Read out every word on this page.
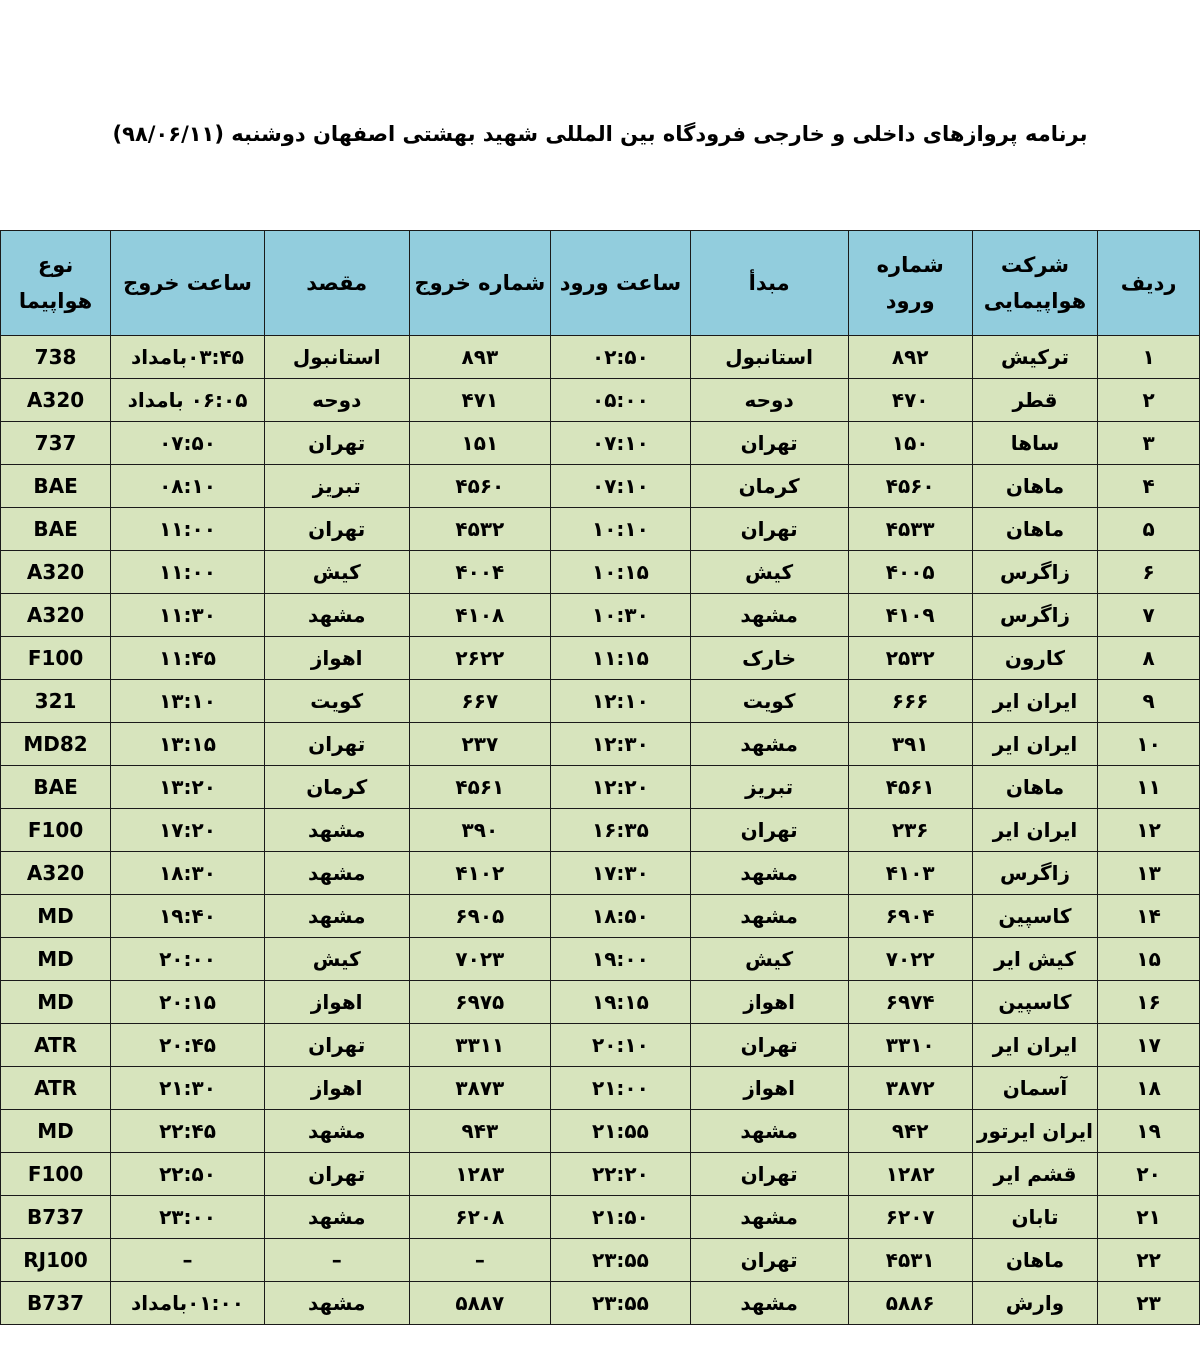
برنامه پروازهای داخلی و خارجی فرودگاه بین المللی شهید بهشتی اصفهان دوشنبه (۹۸/۰۶/۱۱)
ردیف	شرکت هواپیمایی	شماره ورود	مبدأ	ساعت ورود	شماره خروج	مقصد	ساعت خروج	نوع هواپیما
۱	ترکیش	۸۹۲	استانبول	۰۲:۵۰	۸۹۳	استانبول	۰۳:۴۵بامداد	738
۲	قطر	۴۷۰	دوحه	۰۵:۰۰	۴۷۱	دوحه	۰۶:۰۵ بامداد	A320
۳	ساها	۱۵۰	تهران	۰۷:۱۰	۱۵۱	تهران	۰۷:۵۰	737
۴	ماهان	۴۵۶۰	کرمان	۰۷:۱۰	۴۵۶۰	تبریز	۰۸:۱۰	BAE
۵	ماهان	۴۵۳۳	تهران	۱۰:۱۰	۴۵۳۲	تهران	۱۱:۰۰	BAE
۶	زاگرس	۴۰۰۵	کیش	۱۰:۱۵	۴۰۰۴	کیش	۱۱:۰۰	A320
۷	زاگرس	۴۱۰۹	مشهد	۱۰:۳۰	۴۱۰۸	مشهد	۱۱:۳۰	A320
۸	کارون	۲۵۳۲	خارک	۱۱:۱۵	۲۶۲۲	اهواز	۱۱:۴۵	F100
۹	ایران ایر	۶۶۶	کویت	۱۲:۱۰	۶۶۷	کویت	۱۳:۱۰	321
۱۰	ایران ایر	۳۹۱	مشهد	۱۲:۳۰	۲۳۷	تهران	۱۳:۱۵	MD82
۱۱	ماهان	۴۵۶۱	تبریز	۱۲:۲۰	۴۵۶۱	کرمان	۱۳:۲۰	BAE
۱۲	ایران ایر	۲۳۶	تهران	۱۶:۳۵	۳۹۰	مشهد	۱۷:۲۰	F100
۱۳	زاگرس	۴۱۰۳	مشهد	۱۷:۳۰	۴۱۰۲	مشهد	۱۸:۳۰	A320
۱۴	کاسپین	۶۹۰۴	مشهد	۱۸:۵۰	۶۹۰۵	مشهد	۱۹:۴۰	MD
۱۵	کیش ایر	۷۰۲۲	کیش	۱۹:۰۰	۷۰۲۳	کیش	۲۰:۰۰	MD
۱۶	کاسپین	۶۹۷۴	اهواز	۱۹:۱۵	۶۹۷۵	اهواز	۲۰:۱۵	MD
۱۷	ایران ایر	۳۳۱۰	تهران	۲۰:۱۰	۳۳۱۱	تهران	۲۰:۴۵	ATR
۱۸	آسمان	۳۸۷۲	اهواز	۲۱:۰۰	۳۸۷۳	اهواز	۲۱:۳۰	ATR
۱۹	ایران ایرتور	۹۴۲	مشهد	۲۱:۵۵	۹۴۳	مشهد	۲۲:۴۵	MD
۲۰	قشم ایر	۱۲۸۲	تهران	۲۲:۲۰	۱۲۸۳	تهران	۲۲:۵۰	F100
۲۱	تابان	۶۲۰۷	مشهد	۲۱:۵۰	۶۲۰۸	مشهد	۲۳:۰۰	B737
۲۲	ماهان	۴۵۳۱	تهران	۲۳:۵۵	–	–	–	RJ100
۲۳	وارش	۵۸۸۶	مشهد	۲۳:۵۵	۵۸۸۷	مشهد	۰۱:۰۰بامداد	B737
